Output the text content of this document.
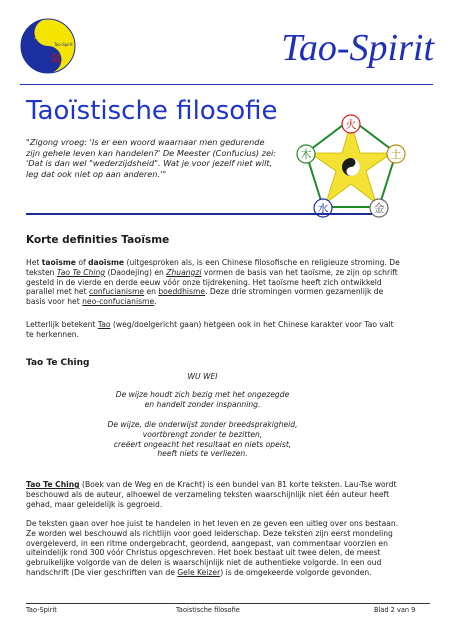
道
氣
Tao-Spirit	Tao-Spirit
Taoïstische filosofie
"Zigong vroeg: 'Is er een woord waarnaar men gedurende zijn gehele leven kan handelen?' De Meester (Confucius) zei: 'Dat is dan wel "wederzijdsheid". Wat je voor jezelf niet wilt, leg dat ook niet op aan anderen.'"
火
木	土
水	金
Korte definities Taoïsme
Het taoïsme of daoïsme (uitgesproken als, is een Chinese filosofische en religieuze stroming. De teksten Tao Te Ching (Daodejing) en Zhuangzi vormen de basis van het taoïsme, ze zijn op schrift gesteld in de vierde en derde eeuw vóór onze tijdrekening. Het taoïsme heeft zich ontwikkeld parallel met het confucianisme en boeddhisme. Deze drie stromingen vormen gezamenlijk de basis voor het neo-confucianisme.
Letterlijk betekent Tao (weg/doelgericht gaan) hetgeen ook in het Chinese karakter voor Tao valt te herkennen.
Tao Te Ching
WU WEI
De wijze houdt zich bezig met het ongezegde
en handelt zonder inspanning.
De wijze, die onderwijst zonder breedsprakigheid,
voortbrengt zonder te bezitten,
creëert ongeacht het resultaat en niets opeist,
heeft niets te verliezen.
Tao Te Ching (Boek van de Weg en de Kracht) is een bundel van 81 korte teksten. Lau-Tse wordt beschouwd als de auteur, alhoewel de verzameling teksten waarschijnlijk niet één auteur heeft gehad, maar geleidelijk is gegroeid.
De teksten gaan over hoe juist te handelen in het leven en ze geven een uitleg over ons bestaan. Ze worden wel beschouwd als richtlijn voor goed leiderschap. Deze teksten zijn eerst mondeling overgeleverd, in een ritme ondergebracht, geordend, aangepast, van commentaar voorzien en uiteindelijk rond 300 vóór Christus opgeschreven. Het boek bestaat uit twee delen, de meest gebruikelijke volgorde van de delen is waarschijnlijk niet de authentieke volgorde. In een oud handschrift (De vier geschriften van de Gele Keizer) is de omgekeerde volgorde gevonden.
Tao-Spirit	Taoistische filosofie	Blad 2 van 9
